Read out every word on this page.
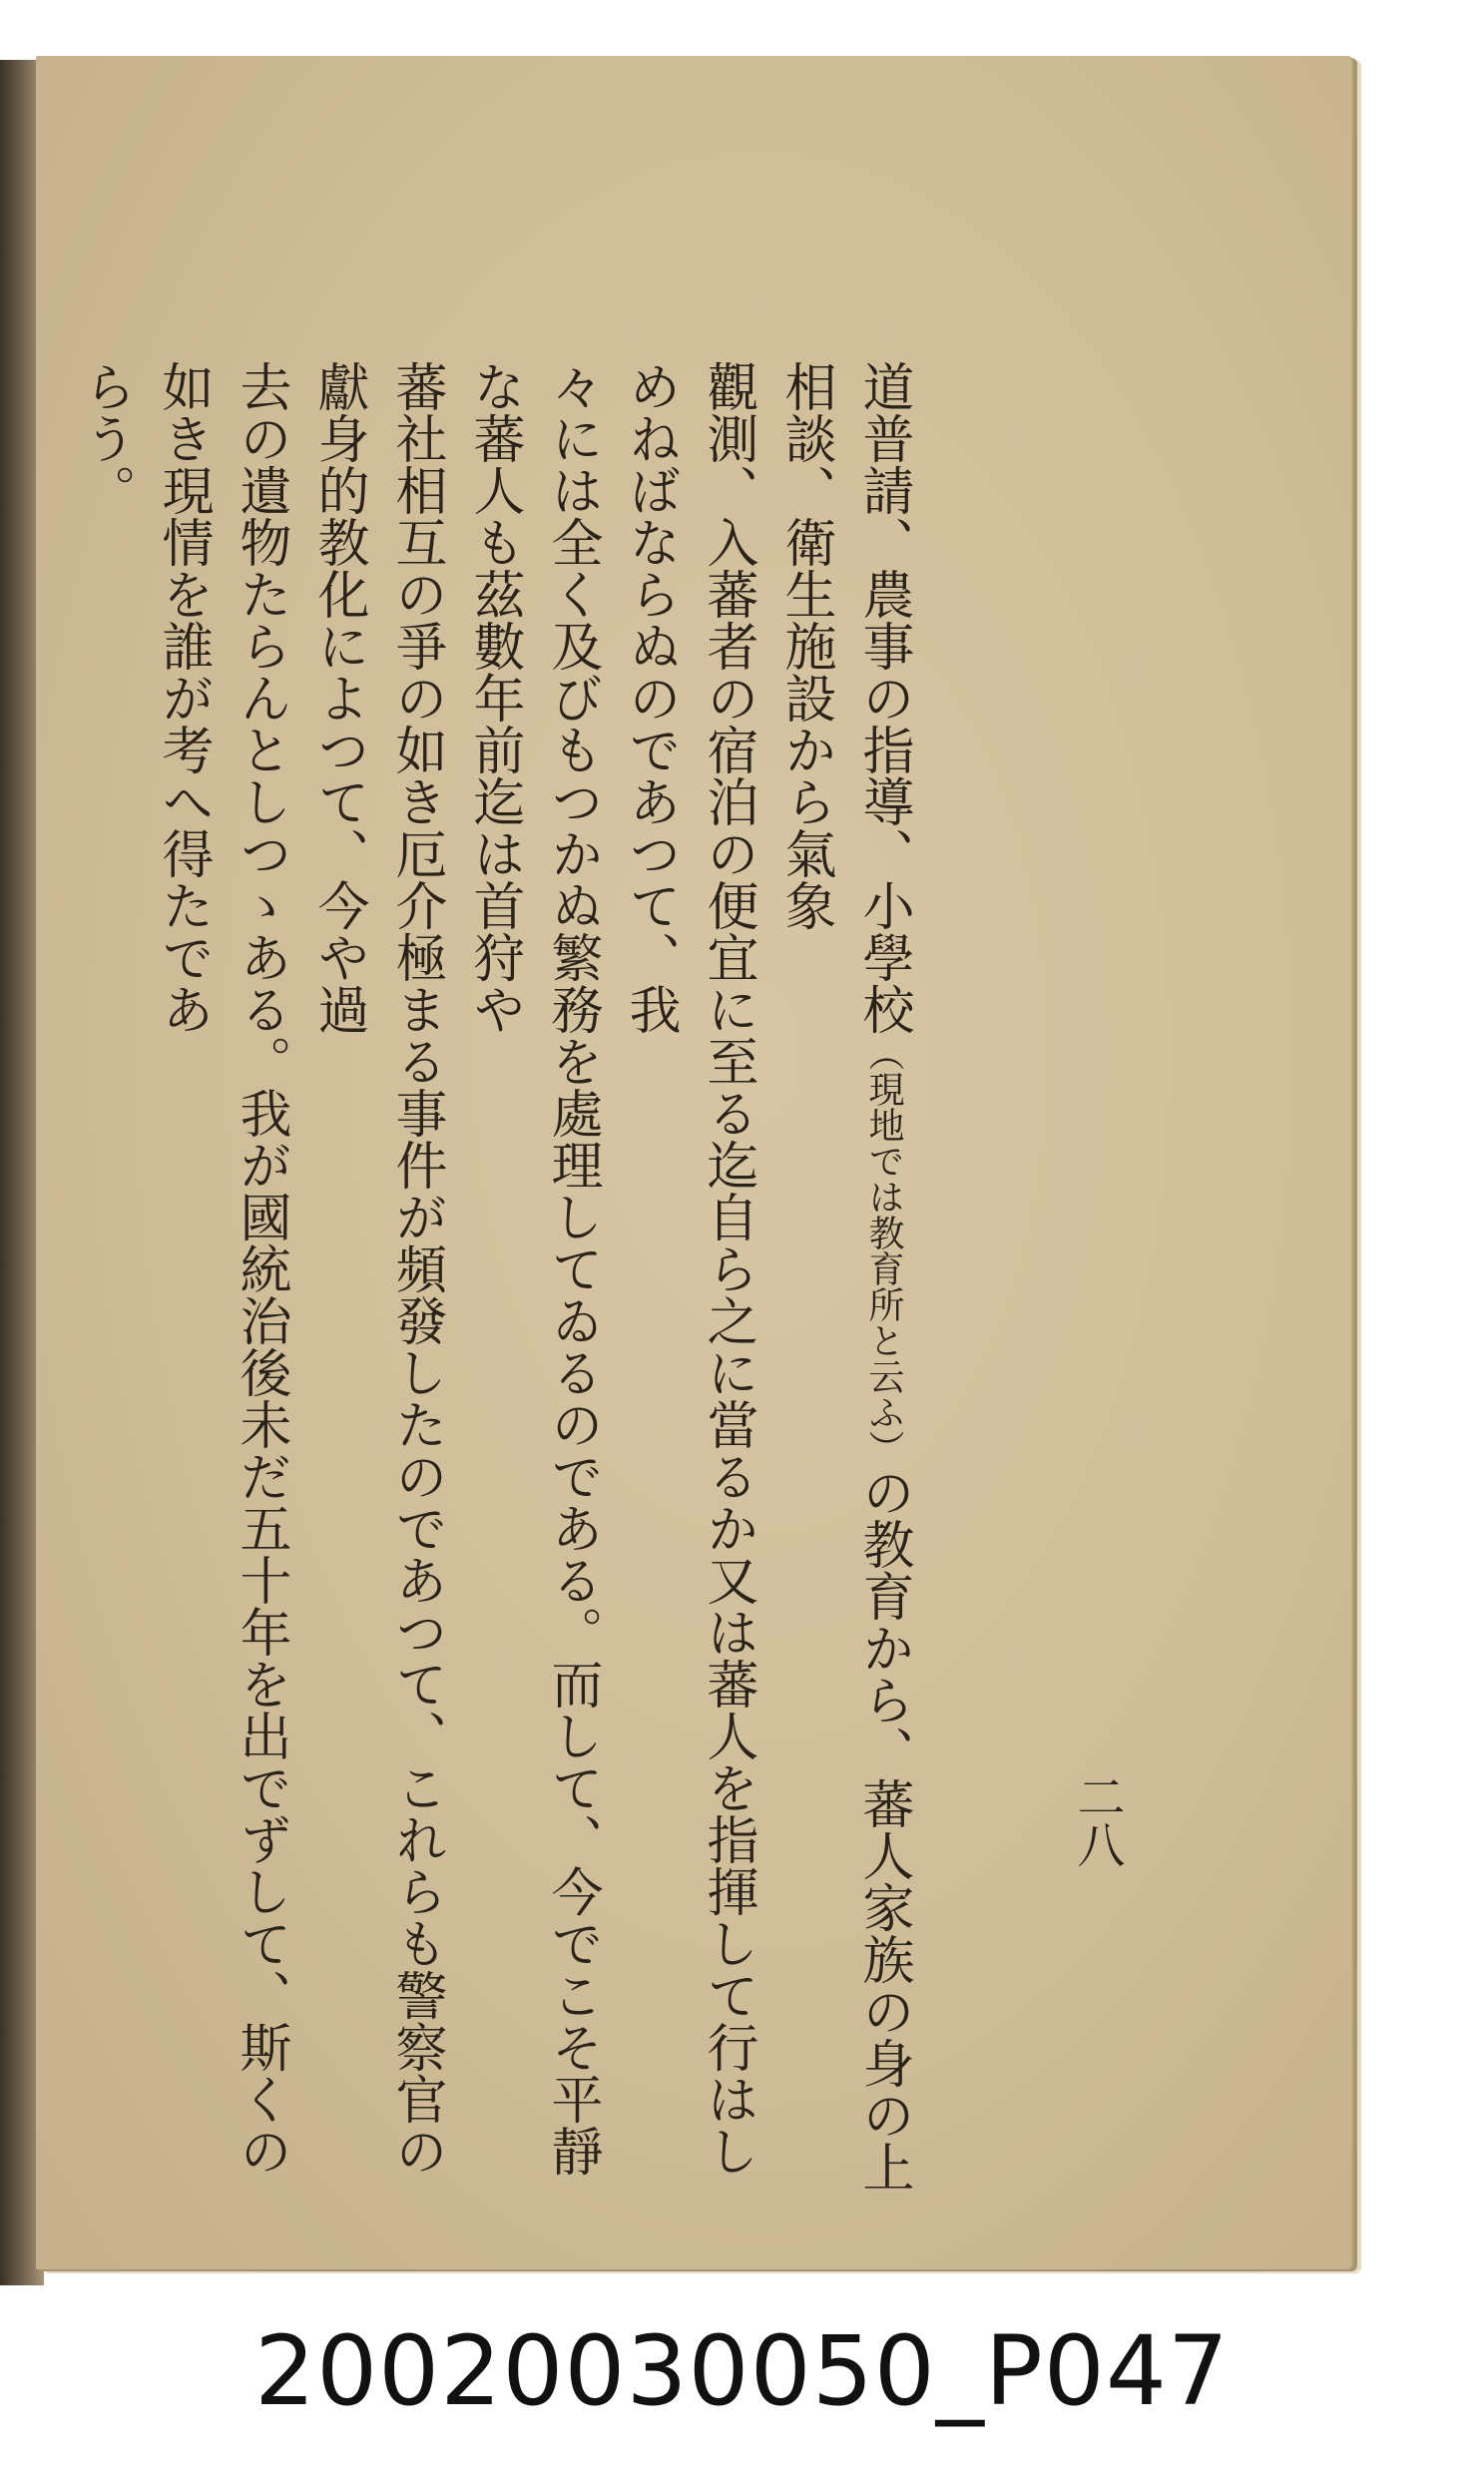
道普請、農事の指導、小學校（現地では教育所と云ふ）の教育から、蕃人家族の身の上相談、衛生施設から氣象
觀測、入蕃者の宿泊の便宜に至る迄自ら之に當るか又は蕃人を指揮して行はしめねばならぬのであつて、我
々には全く及びもつかぬ繁務を處理してゐるのである。而して、今でこそ平靜な蕃人も茲數年前迄は首狩や
蕃社相互の爭の如き厄介極まる事件が頻發したのであつて、これらも警察官の獻身的教化によつて、今や過
去の遺物たらんとしつゝある。我が國統治後未だ五十年を出でずして、斯くの如き現情を誰が考へ得たであ
らう。
二八
20020030050_P047
